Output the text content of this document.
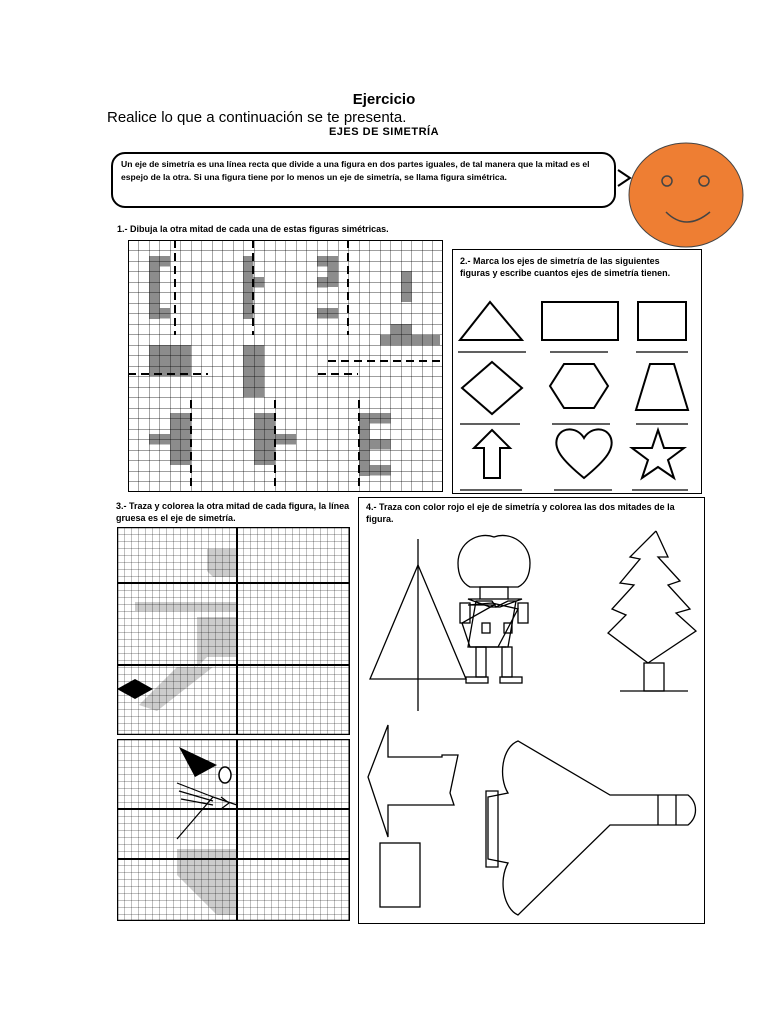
Ejercicio
Realice lo que a continuación se te presenta.
EJES DE SIMETRÍA
Un eje de simetría es una línea recta que divide a una figura en dos partes iguales, de tal manera que la mitad es el espejo de la otra. Si una figura tiene por lo menos un eje de simetría, se llama figura simétrica.
1.- Dibuja la otra mitad de cada una de estas figuras simétricas.
2.- Marca los ejes de simetría de las siguientes figuras y escribe cuantos ejes de simetría tienen.
3.- Traza y colorea la otra mitad de cada figura, la línea gruesa es el eje de simetría.
4.- Traza con color rojo el eje de simetría y colorea las dos mitades de la figura.
